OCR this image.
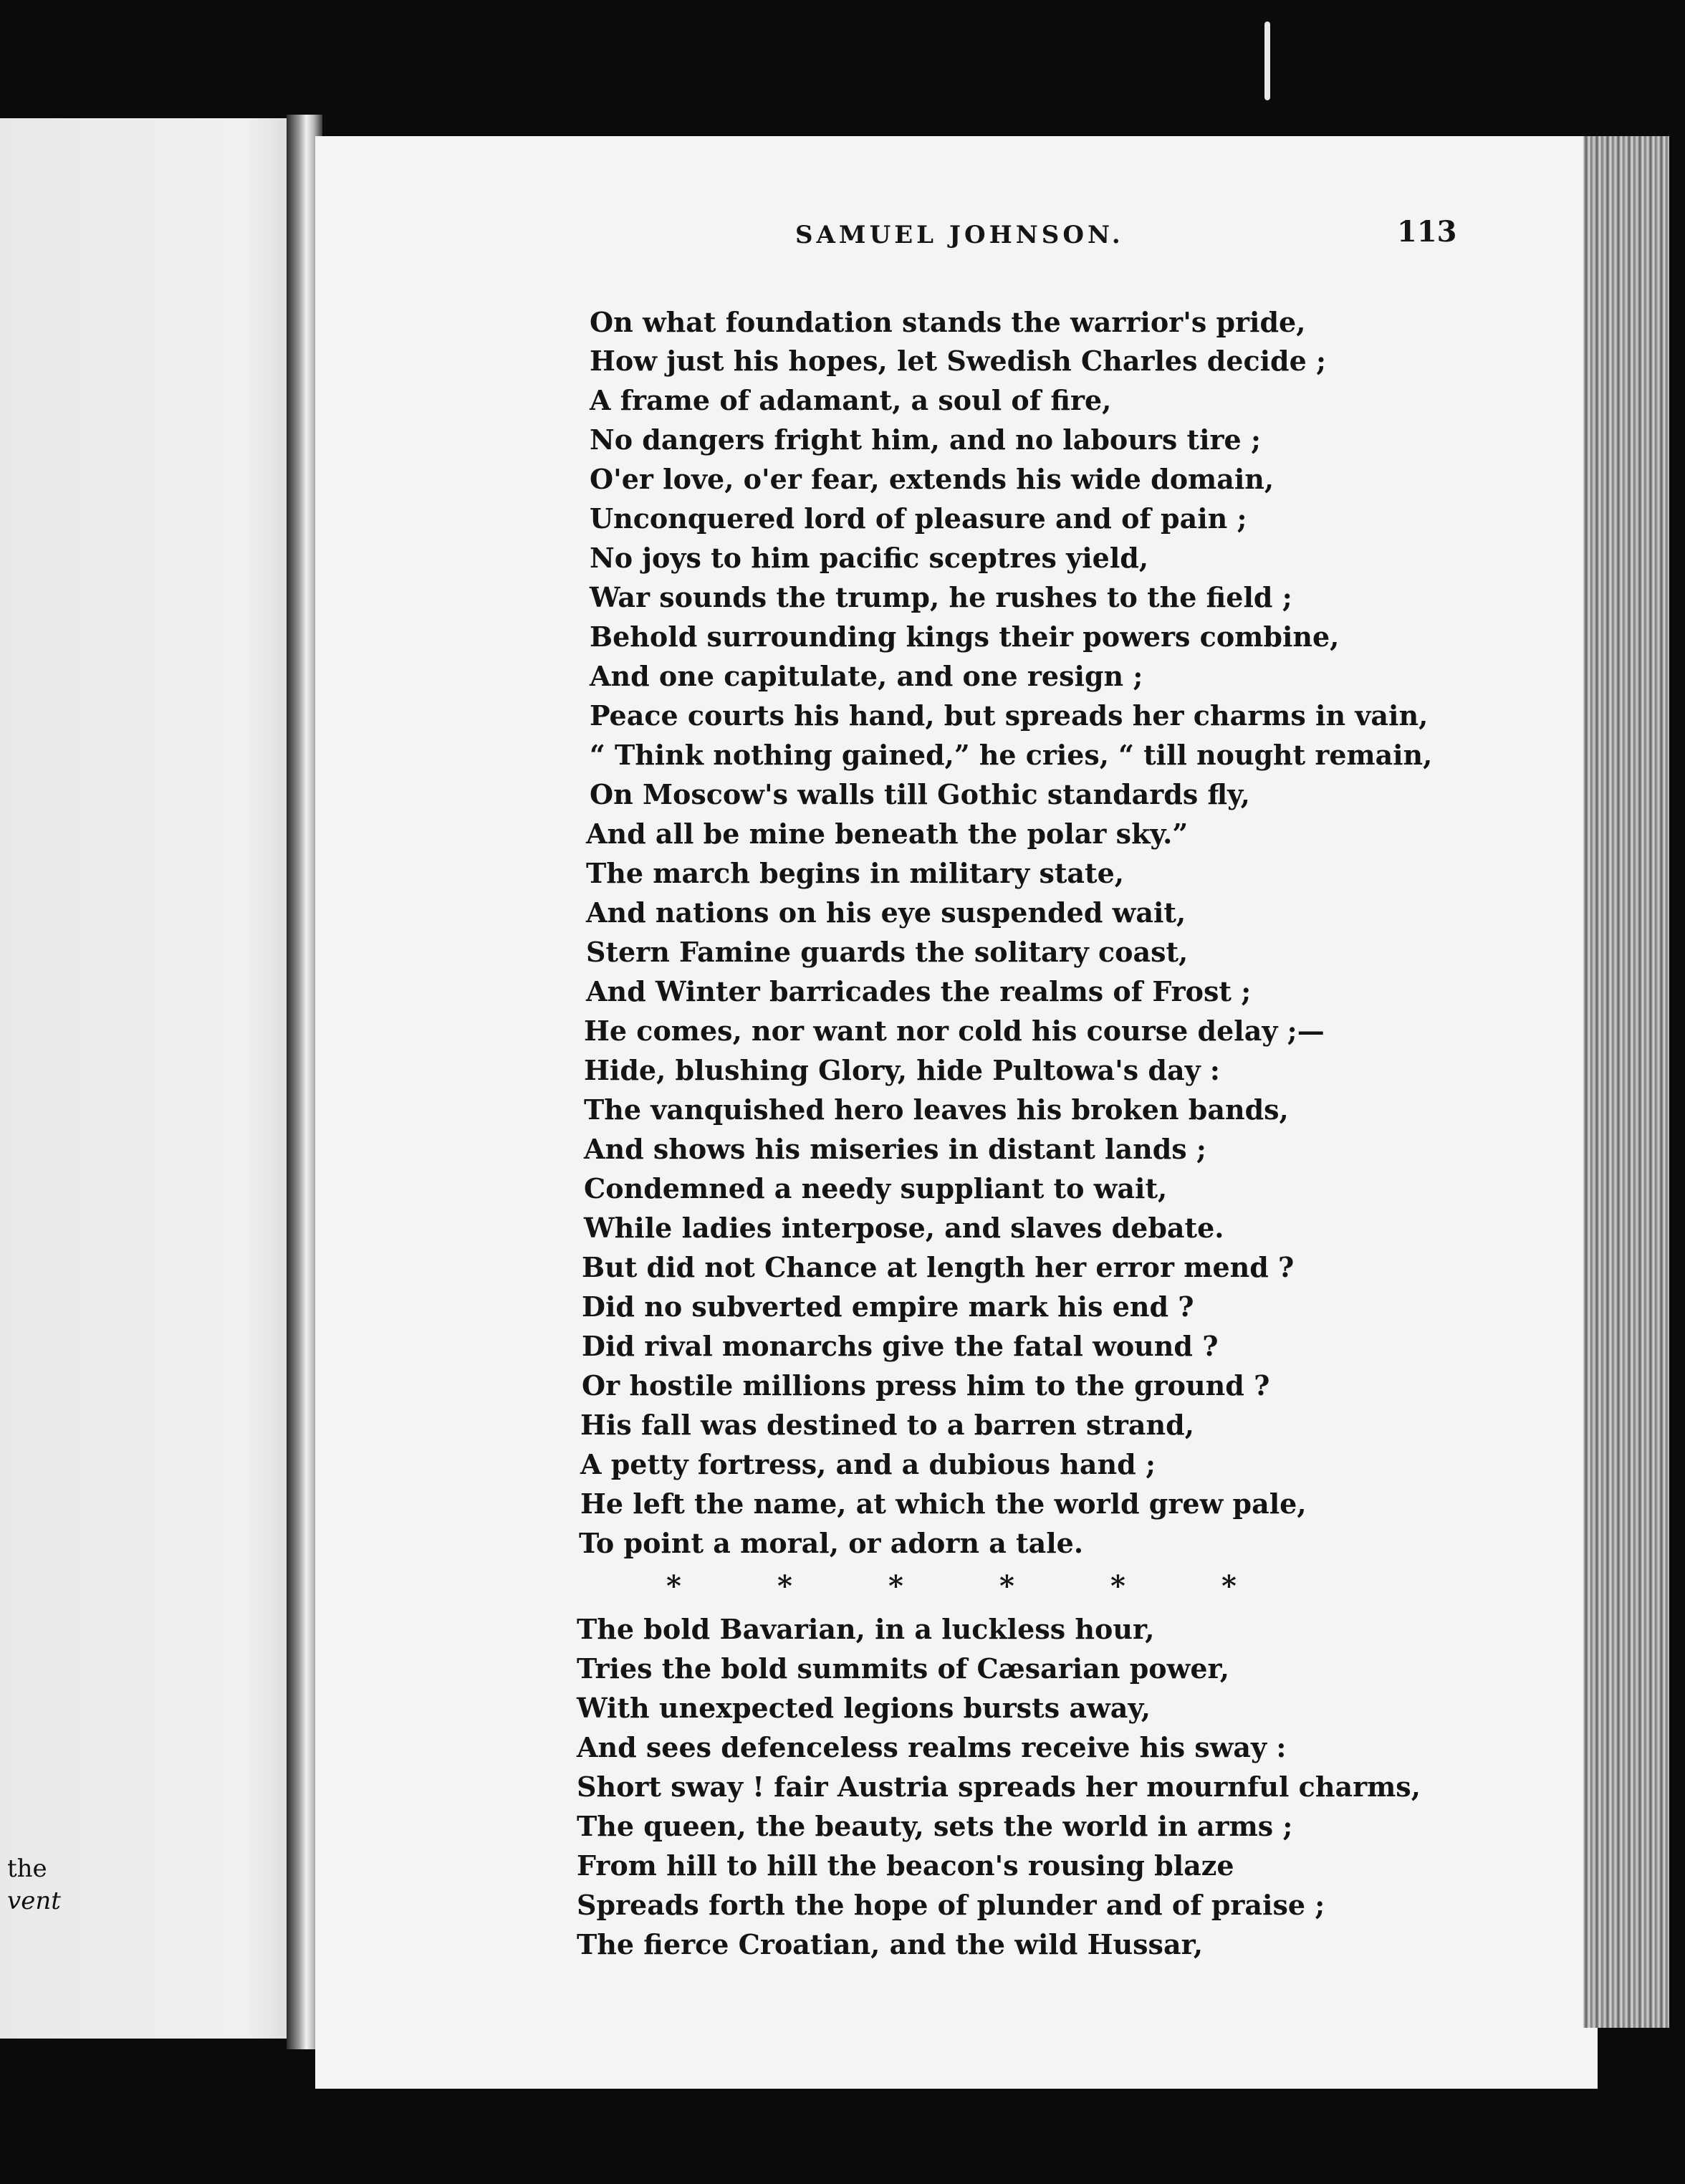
the
vent
SAMUEL JOHNSON.	113
On what foundation stands the warrior's pride,
How just his hopes, let Swedish Charles decide ;
A frame of adamant, a soul of fire,
No dangers fright him, and no labours tire ;
O'er love, o'er fear, extends his wide domain,
Unconquered lord of pleasure and of pain ;
No joys to him pacific sceptres yield,
War sounds the trump, he rushes to the field ;
Behold surrounding kings their powers combine,
And one capitulate, and one resign ;
Peace courts his hand, but spreads her charms in vain,
“ Think nothing gained,” he cries, “ till nought remain,
On Moscow's walls till Gothic standards fly,
And all be mine beneath the polar sky.”
The march begins in military state,
And nations on his eye suspended wait,
Stern Famine guards the solitary coast,
And Winter barricades the realms of Frost ;
He comes, nor want nor cold his course delay ;—
Hide, blushing Glory, hide Pultowa's day :
The vanquished hero leaves his broken bands,
And shows his miseries in distant lands ;
Condemned a needy suppliant to wait,
While ladies interpose, and slaves debate.
But did not Chance at length her error mend ?
Did no subverted empire mark his end ?
Did rival monarchs give the fatal wound ?
Or hostile millions press him to the ground ?
His fall was destined to a barren strand,
A petty fortress, and a dubious hand ;
He left the name, at which the world grew pale,
To point a moral, or adorn a tale.
*	*	*	*	*	*
The bold Bavarian, in a luckless hour,
Tries the bold summits of Cæsarian power,
With unexpected legions bursts away,
And sees defenceless realms receive his sway :
Short sway ! fair Austria spreads her mournful charms,
The queen, the beauty, sets the world in arms ;
From hill to hill the beacon's rousing blaze
Spreads forth the hope of plunder and of praise ;
The fierce Croatian, and the wild Hussar,
